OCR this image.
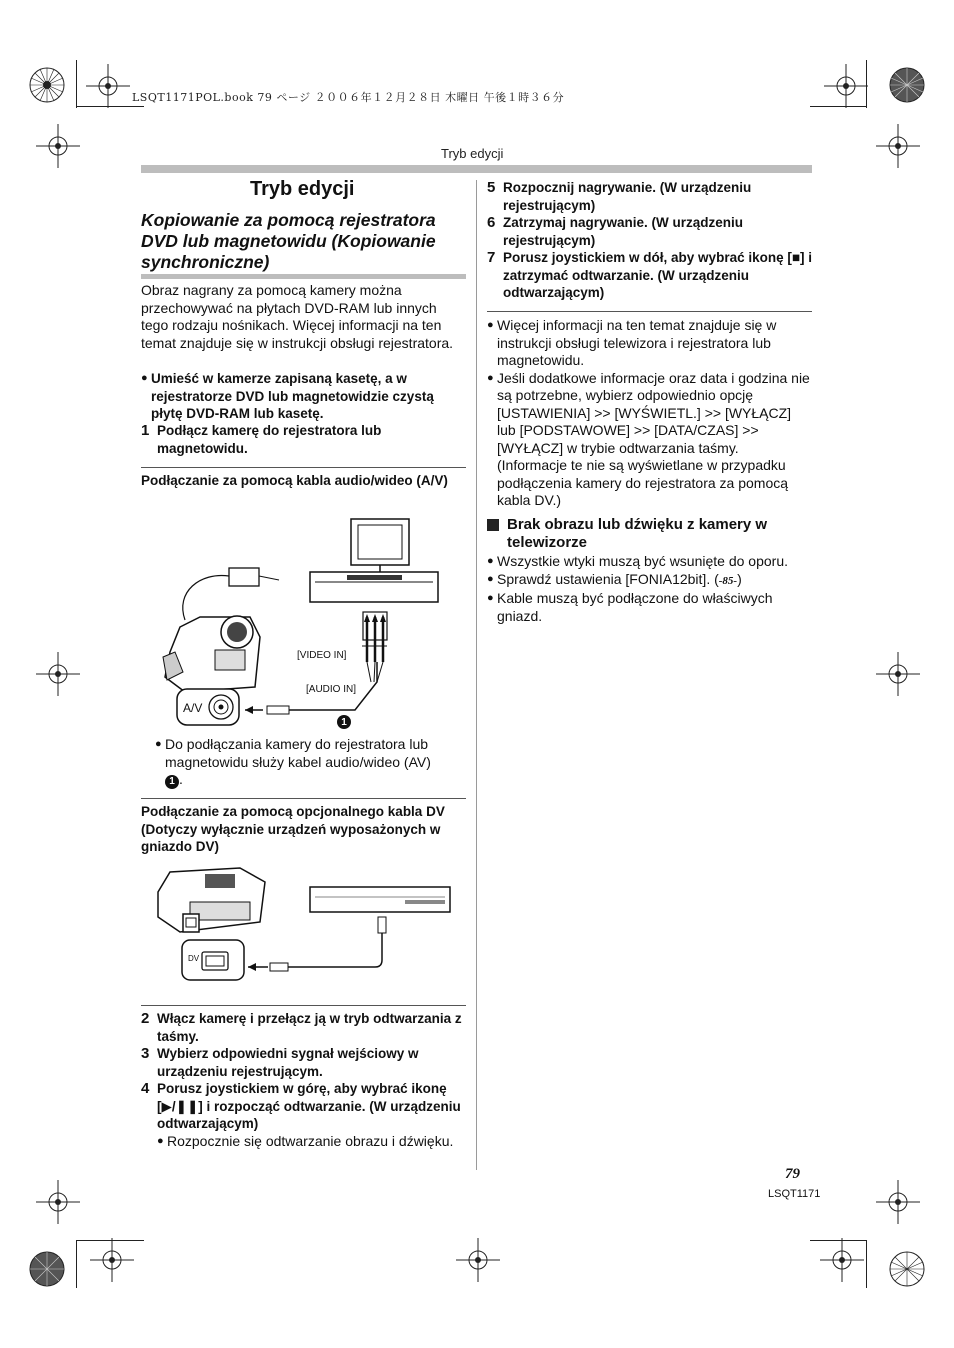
LSQT1171POL.book 79 ページ ２００６年１２月２８日 木曜日 午後１時３６分
Tryb edycji
Tryb edycji
Kopiowanie za pomocą rejestratora DVD lub magnetowidu (Kopiowanie synchroniczne)
Obraz nagrany za pomocą kamery można przechowywać na płytach DVD-RAM lub innych tego rodzaju nośnikach. Więcej informacji na ten temat znajduje się w instrukcji obsługi rejestratora.
● Umieść w kamerze zapisaną kasetę, a w rejestratorze DVD lub magnetowidzie czystą płytę DVD-RAM lub kasetę.
1 Podłącz kamerę do rejestratora lub magnetowidu.
Podłączanie za pomocą kabla audio/wideo (A/V)
[VIDEO IN]
[AUDIO IN]
A/V
1
● Do podłączania kamery do rejestratora lub magnetowidu służy kabel audio/wideo (AV)
1 .
Podłączanie za pomocą opcjonalnego kabla DV (Dotyczy wyłącznie urządzeń wyposażonych w gniazdo DV)
DV
2 Włącz kamerę i przełącz ją w tryb odtwarzania z taśmy.
3 Wybierz odpowiedni sygnał wejściowy w urządzeniu rejestrującym.
4 Porusz joystickiem w górę, aby wybrać ikonę [▶/❚❚] i rozpocząć odtwarzanie. (W urządzeniu odtwarzającym)
● Rozpocznie się odtwarzanie obrazu i dźwięku.
5 Rozpocznij nagrywanie. (W urządzeniu rejestrującym)
6 Zatrzymaj nagrywanie. (W urządzeniu rejestrującym)
7 Porusz joystickiem w dół, aby wybrać ikonę [■] i zatrzymać odtwarzanie. (W urządzeniu odtwarzającym)
● Więcej informacji na ten temat znajduje się w instrukcji obsługi telewizora i rejestratora lub magnetowidu.
● Jeśli dodatkowe informacje oraz data i godzina nie są potrzebne, wybierz odpowiednio opcję [USTAWIENIA] >> [WYŚWIETL.] >> [WYŁĄCZ] lub [PODSTAWOWE] >> [DATA/CZAS] >> [WYŁĄCZ] w trybie odtwarzania taśmy. (Informacje te nie są wyświetlane w przypadku podłączenia kamery do rejestratora za pomocą kabla DV.)
Brak obrazu lub dźwięku z kamery w telewizorze
● Wszystkie wtyki muszą być wsunięte do oporu.
● Sprawdź ustawienia [FONIA12bit]. (-85-)
● Kable muszą być podłączone do właściwych gniazd.
79
LSQT1171
